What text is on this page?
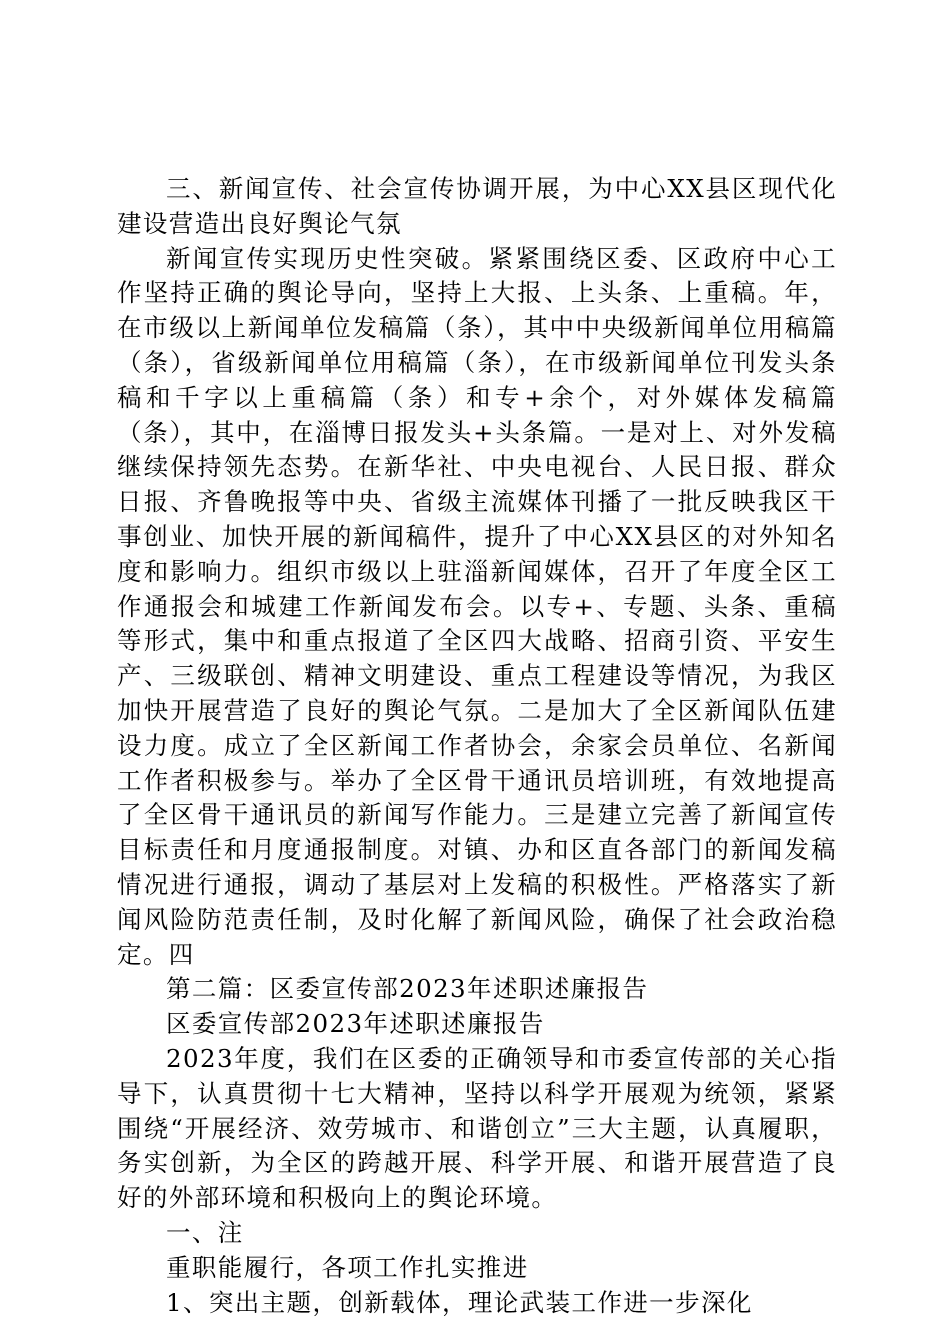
三、新闻宣传、社会宣传协调开展，为中心XX县区现代化建设营造出良好舆论气氛

新闻宣传实现历史性突破。紧紧围绕区委、区政府中心工作坚持正确的舆论导向，坚持上大报、上头条、上重稿。年，在市级以上新闻单位发稿篇（条），其中中央级新闻单位用稿篇（条），省级新闻单位用稿篇（条），在市级新闻单位刊发头条稿和千字以上重稿篇（条）和专+余个，对外媒体发稿篇（条），其中，在淄博日报发头+头条篇。一是对上、对外发稿继续保持领先态势。在新华社、中央电视台、人民日报、群众日报、齐鲁晚报等中央、省级主流媒体刊播了一批反映我区干事创业、加快开展的新闻稿件，提升了中心XX县区的对外知名度和影响力。组织市级以上驻淄新闻媒体，召开了年度全区工作通报会和城建工作新闻发布会。以专+、专题、头条、重稿等形式，集中和重点报道了全区四大战略、招商引资、平安生产、三级联创、精神文明建设、重点工程建设等情况，为我区加快开展营造了良好的舆论气氛。二是加大了全区新闻队伍建设力度。成立了全区新闻工作者协会，余家会员单位、名新闻工作者积极参与。举办了全区骨干通讯员培训班，有效地提高了全区骨干通讯员的新闻写作能力。三是建立完善了新闻宣传目标责任和月度通报制度。对镇、办和区直各部门的新闻发稿情况进行通报，调动了基层对上发稿的积极性。严格落实了新闻风险防范责任制，及时化解了新闻风险，确保了社会政治稳定。四

第二篇：区委宣传部2023年述职述廉报告

区委宣传部2023年述职述廉报告

2023年度，我们在区委的正确领导和市委宣传部的关心指导下，认真贯彻十七大精神，坚持以科学开展观为统领，紧紧围绕“开展经济、效劳城市、和谐创立”三大主题，认真履职，务实创新，为全区的跨越开展、科学开展、和谐开展营造了良好的外部环境和积极向上的舆论环境。

一、注

重职能履行，各项工作扎实推进

1、突出主题，创新载体，理论武装工作进一步深化
